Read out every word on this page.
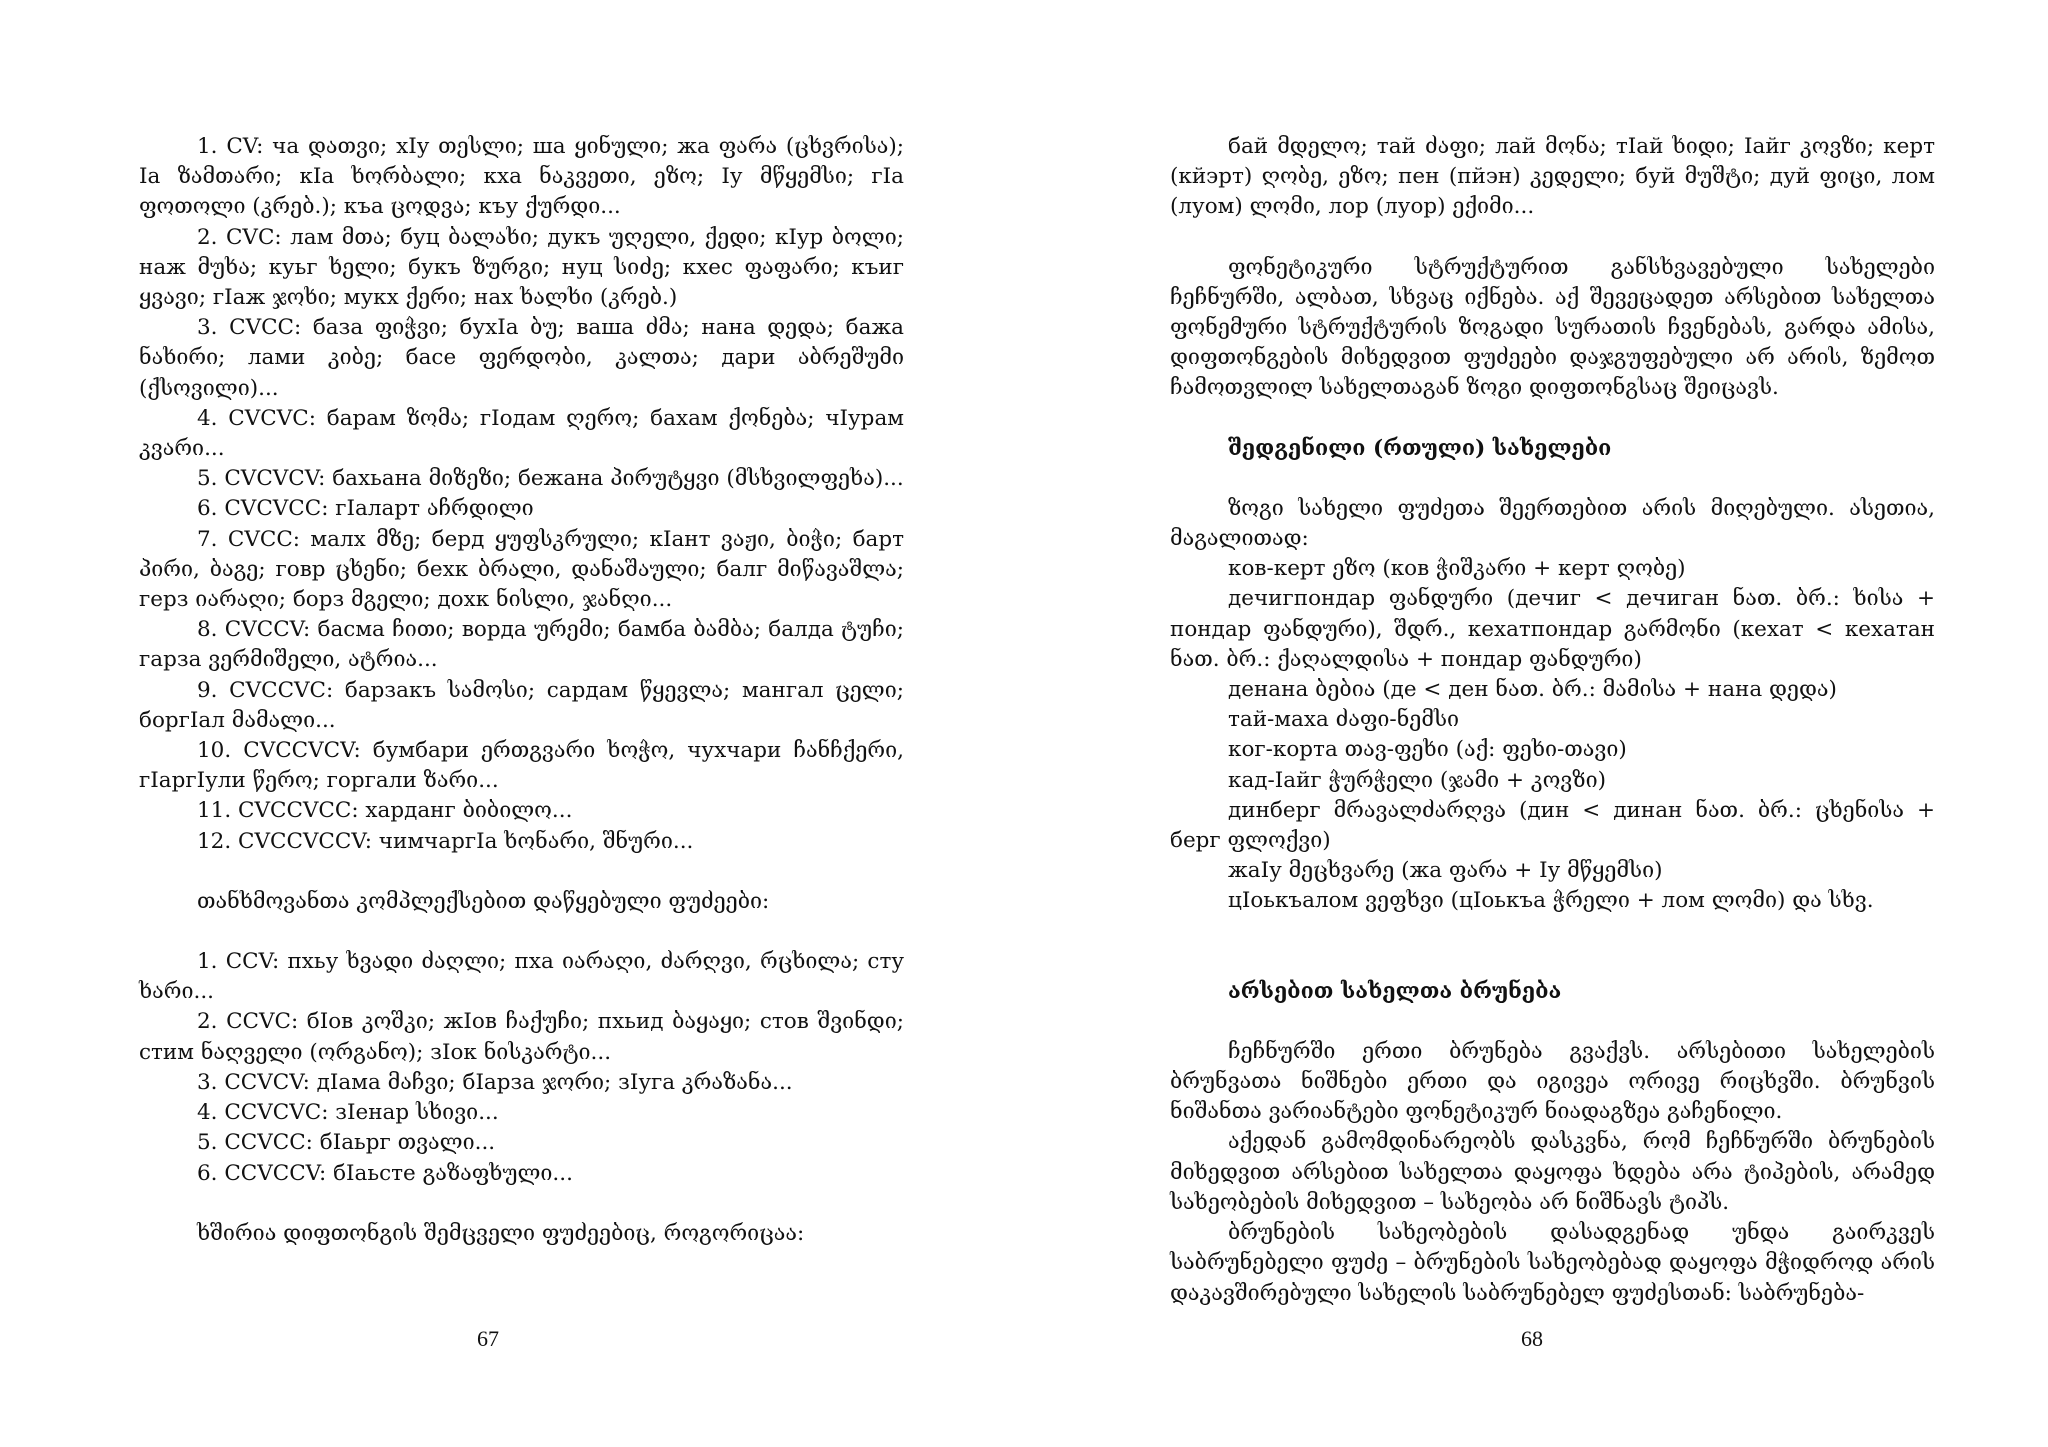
1. CV: ча დათვი; хIу თესლი; ша ყინული; жа ფარა (ცხვრისა); Iа ზამთარი; кIа ხორბალი; кха ნაკვეთი, ეზო; Iу მწყემსი; гIа ფოთოლი (კრებ.); къа ცოდვა; къу ქურდი...

2. CVC: лам მთა; буц ბალახი; дукъ უღელი, ქედი; кIур ბოლი; наж მუხა; куьг ხელი; букъ ზურგი; нуц სიძე; кхес ფაფარი; къиг ყვავი; гIаж ჯოხი; мукх ქერი; нах ხალხი (კრებ.)

3. CVCC: база ფიჭვი; бухIа ბუ; ваша ძმა; нана დედა; бажа ნახირი; лами კიბე; басе ფერდობი, კალთა; дари აბრეშუმი (ქსოვილი)...

4. CVCVC: барам ზომა; гIодам ღერო; бахам ქონება; чIурам კვარი...

5. CVCVCV: бахьана მიზეზი; бежана პირუტყვი (მსხვილფეხა)...

6. CVCVCC: гIаларт აჩრდილი

7. CVCC: малх მზე; берд ყუფსკრული; кIант ვაჟი, ბიჭი; барт პირი, ბაგე; говр ცხენი; бехк ბრალი, დანაშაული; балг მიწავაშლა; герз იარაღი; борз მგელი; дохк ნისლი, ჯანღი...

8. CVCCV: басма ჩითი; ворда ურემი; бамба ბამბა; балда ტუჩი; гарза ვერმიშელი, ატრია...

9. CVCCVC: барзакъ სამოსი; сардам წყევლა; мангал ცელი; боргIал მამალი...

10. CVCCVCV: бумбари ერთგვარი ხოჭო, чухчари ჩანჩქერი, гIаргIули წერო; горгали ზარი...

11. CVCCVCC: харданг ბიბილო...

12. CVCCVCCV: чимчаргIа ხონარი, შნური...

თანხმოვანთა კომპლექსებით დაწყებული ფუძეები:

1. CCV: пхьу ხვადი ძაღლი; пха იარაღი, ძარღვი, რცხილა; сту ხარი...

2. CCVC: бIов კოშკი; жIов ჩაქუჩი; пхьид ბაყაყი; стов შვინდი; стим ნაღველი (ორგანო); зIок ნისკარტი...

3. CCVCV: дIама მაჩვი; бIарза ჯორი; зIуга კრაზანა...

4. CCVCVC: зIенар სხივი...

5. CCVCC: бIаьрг თვალი...

6. CCVCCV: бIаьсте გაზაფხული...

ხშირია დიფთონგის შემცველი ფუძეებიც, როგორიცაა:

67

бай მდელო; тай ძაფი; лай მონა; тIай ხიდი; Iайг კოვზი; керт (кйэрт) ღობე, ეზო; пен (пйэн) კედელი; буй მუშტი; дуй ფიცი, лом (луом) ლომი, лор (луор) ექიმი...

ფონეტიკური სტრუქტურით განსხვავებული სახელები ჩეჩნურში, ალბათ, სხვაც იქნება. აქ შევეცადეთ არსებით სახელთა ფონემური სტრუქტურის ზოგადი სურათის ჩვენებას, გარდა ამისა, დიფთონგების მიხედვით ფუძეები დაჯგუფებული არ არის, ზემოთ ჩამოთვლილ სახელთაგან ზოგი დიფთონგსაც შეიცავს.

შედგენილი (რთული) სახელები

ზოგი სახელი ფუძეთა შეერთებით არის მიღებული. ასეთია, მაგალითად:

ков-керт ეზო (ков ჭიშკარი + керт ღობე)

дечигпондар ფანდური (дечиг < дечиган ნათ. ბრ.: ხისა + пондар ფანდური), შდრ., кехатпондар გარმონი (кехат < кехатан ნათ. ბრ.: ქაღალდისა + пондар ფანდური)

денана ბებია (де < ден ნათ. ბრ.: მამისა + нана დედა)

тай-маха ძაფი-ნემსი

ког-корта თავ-ფეხი (აქ: ფეხი-თავი)

кад-Iайг ჭურჭელი (ჯამი + კოვზი)

динберг მრავალძარღვა (дин < динан ნათ. ბრ.: ცხენისა + берг ფლოქვი)

жаIу მეცხვარე (жа ფარა + Iу მწყემსი)

цIоькъалом ვეფხვი (цIоькъа ჭრელი + лом ლომი) და სხვ.

არსებით სახელთა ბრუნება

ჩეჩნურში ერთი ბრუნება გვაქვს. არსებითი სახელების ბრუნვათა ნიშნები ერთი და იგივეა ორივე რიცხვში. ბრუნვის ნიშანთა ვარიანტები ფონეტიკურ ნიადაგზეა გაჩენილი.

აქედან გამომდინარეობს დასკვნა, რომ ჩეჩნურში ბრუნების მიხედვით არსებით სახელთა დაყოფა ხდება არა ტიპების, არამედ სახეობების მიხედვით – სახეობა არ ნიშნავს ტიპს.

ბრუნების სახეობების დასადგენად უნდა გაირკვეს საბრუნებელი ფუძე – ბრუნების სახეობებად დაყოფა მჭიდროდ არის დაკავშირებული სახელის საბრუნებელ ფუძესთან: საბრუნება-

68
